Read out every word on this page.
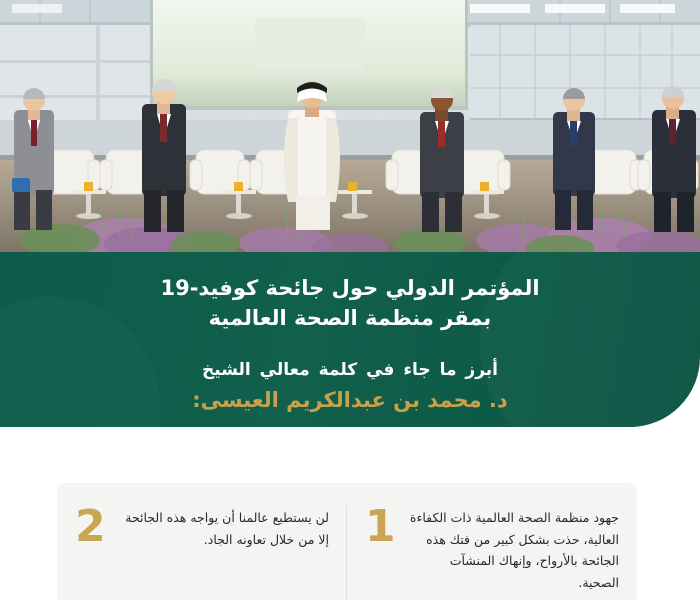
المؤتمر الدولي حول جائحة كوفيد-19
بمقر منظمة الصحة العالمية
أبرز ما جاء في كلمة معالي الشيخ
د. محمد بن عبدالكريم العيسى:
1 جهود منظمة الصحة العالمية ذات الكفاءة العالية، حذت بشكل كبير من فتك هذه الجائحة بالأرواح، وإنهاك المنشآت الصحية.
2	لن يستطيع عالمنا أن يواجه هذه الجائحة إلا من خلال تعاونه الجاد.
